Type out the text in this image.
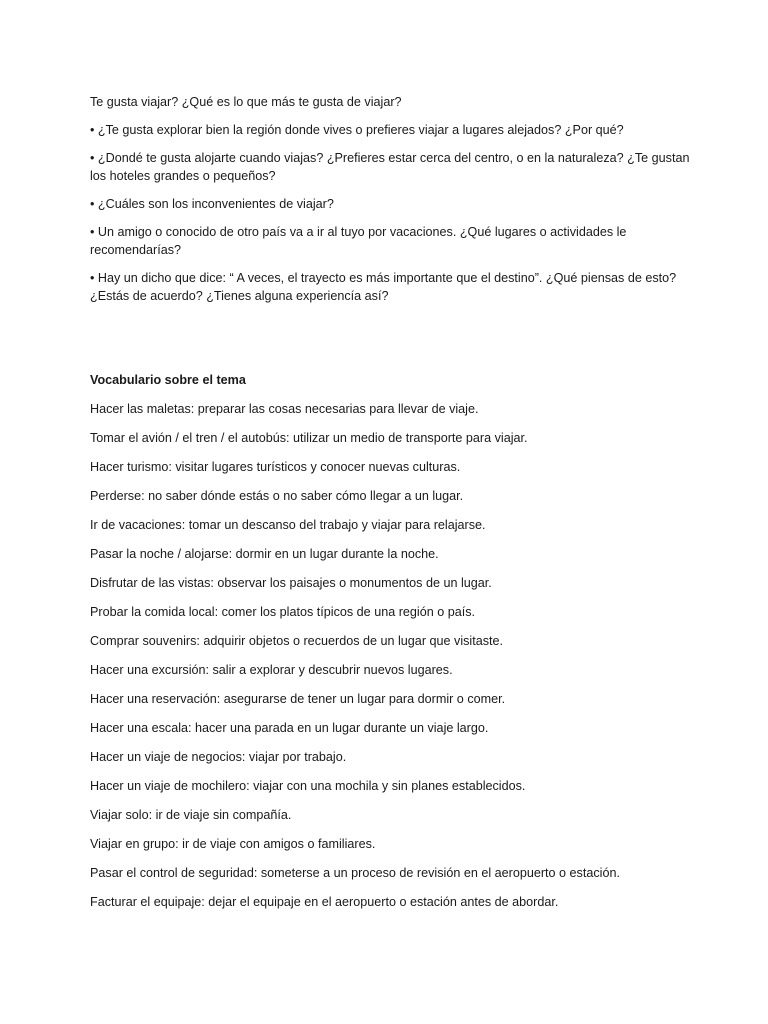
Te gusta viajar? ¿Qué es lo que más te gusta de viajar?

• ¿Te gusta explorar bien la región donde vives o prefieres viajar a lugares alejados? ¿Por qué?

• ¿Dondé te gusta alojarte cuando viajas? ¿Prefieres estar cerca del centro, o en la naturaleza? ¿Te gustan los hoteles grandes o pequeños?

• ¿Cuáles son los inconvenientes de viajar?

• Un amigo o conocido de otro país va a ir al tuyo por vacaciones. ¿Qué lugares o actividades le recomendarías?

• Hay un dicho que dice: “ A veces, el trayecto es más importante que el destino”. ¿Qué piensas de esto? ¿Estás de acuerdo? ¿Tienes alguna experiencía así?

Vocabulario sobre el tema

Hacer las maletas: preparar las cosas necesarias para llevar de viaje.

Tomar el avión / el tren / el autobús: utilizar un medio de transporte para viajar.

Hacer turismo: visitar lugares turísticos y conocer nuevas culturas.

Perderse: no saber dónde estás o no saber cómo llegar a un lugar.

Ir de vacaciones: tomar un descanso del trabajo y viajar para relajarse.

Pasar la noche / alojarse: dormir en un lugar durante la noche.

Disfrutar de las vistas: observar los paisajes o monumentos de un lugar.

Probar la comida local: comer los platos típicos de una región o país.

Comprar souvenirs: adquirir objetos o recuerdos de un lugar que visitaste.

Hacer una excursión: salir a explorar y descubrir nuevos lugares.

Hacer una reservación: asegurarse de tener un lugar para dormir o comer.

Hacer una escala: hacer una parada en un lugar durante un viaje largo.

Hacer un viaje de negocios: viajar por trabajo.

Hacer un viaje de mochilero: viajar con una mochila y sin planes establecidos.

Viajar solo: ir de viaje sin compañía.

Viajar en grupo: ir de viaje con amigos o familiares.

Pasar el control de seguridad: someterse a un proceso de revisión en el aeropuerto o estación.

Facturar el equipaje: dejar el equipaje en el aeropuerto o estación antes de abordar.
